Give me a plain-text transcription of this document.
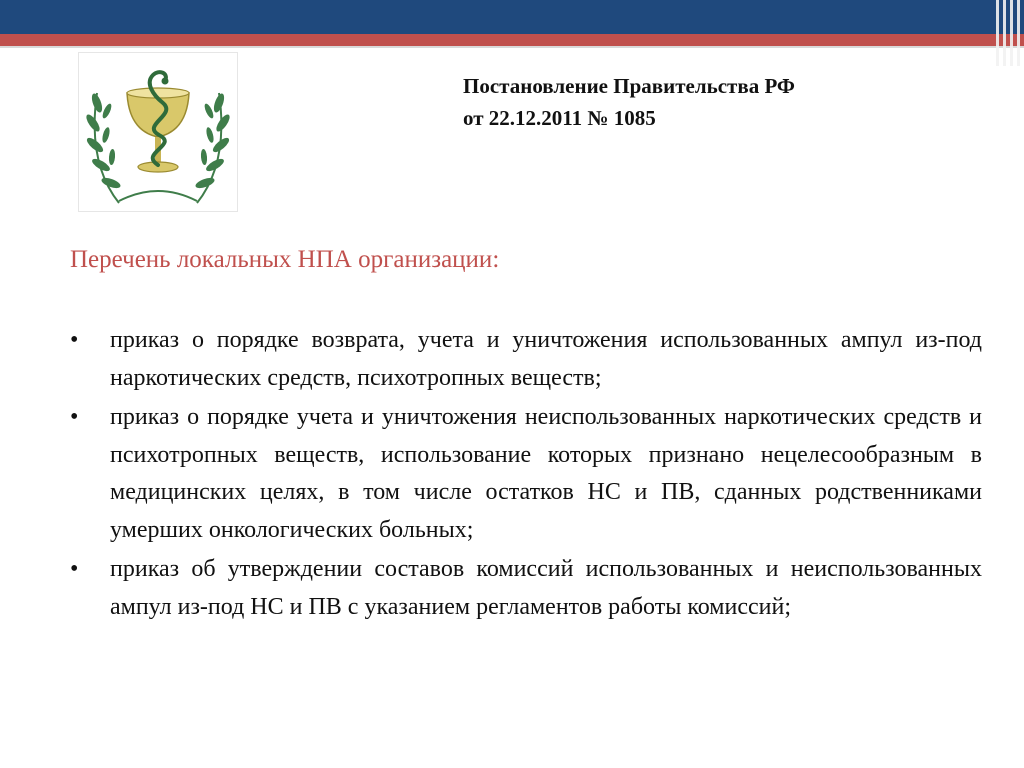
Постановление Правительства РФ
от 22.12.2011 № 1085
Перечень локальных НПА организации:
• приказ о порядке возврата, учета и уничтожения использованных ампул из-под наркотических средств, психотропных веществ;
• приказ о порядке учета и уничтожения неиспользованных наркотических средств и психотропных веществ, использование которых признано нецелесообразным в медицинских целях, в том числе остатков НС и ПВ, сданных родственниками умерших онкологических больных;
• приказ об утверждении составов комиссий использованных и неиспользованных ампул из-под НС и ПВ с указанием регламентов работы комиссий;
